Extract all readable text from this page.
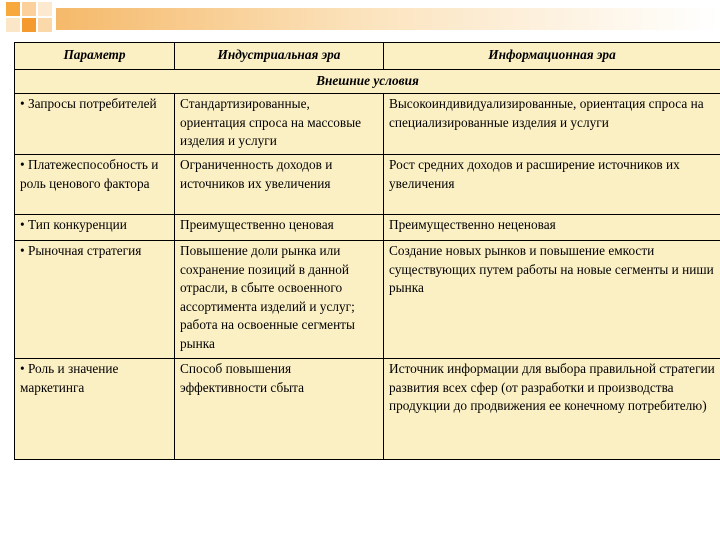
Параметр	Индустриальная эра	Информационная эра
Внешние условия		
• Запросы потребителей	Стандартизированные, ориентация спроса на массовые изделия и услуги	Высокоиндивидуализированные, ориентация спроса на специализированные изделия и услуги
• Платежеспособность и роль ценового фактора	Ограниченность доходов и источников их увеличения	Рост средних доходов и расширение источников их увеличения
• Тип конкуренции	Преимущественно ценовая	Преимущественно неценовая
• Рыночная стратегия	Повышение доли рынка или сохранение позиций в данной отрасли, в сбыте освоенного ассортимента изделий и услуг; работа на освоенные сегменты рынка	Создание новых рынков и повышение емкости существующих путем работы на новые сегменты и ниши рынка
• Роль и значение маркетинга	Способ повышения эффективности сбыта	Источник информации для выбора правильной стратегии развития всех сфер (от разработки и производства продукции до продвижения ее конечному потребителю)
